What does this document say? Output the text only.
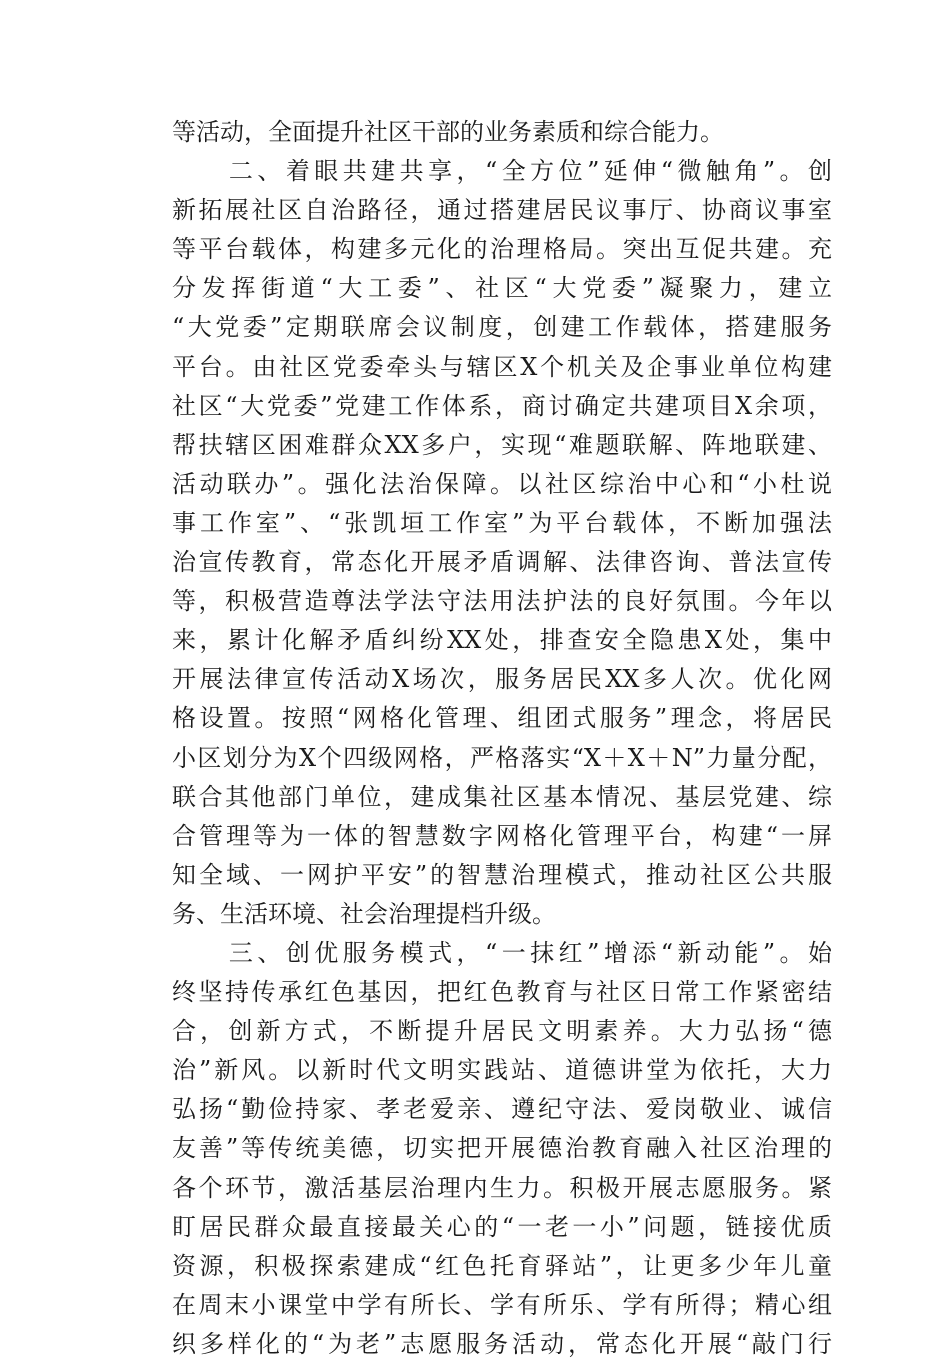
等活动，全面提升社区干部的业务素质和综合能力。
　　二、着眼共建共享，“全方位”延伸“微触角”。创
新拓展社区自治路径，通过搭建居民议事厅、协商议事室
等平台载体，构建多元化的治理格局。突出互促共建。充
分发挥街道“大工委”、社区“大党委”凝聚力，建立
“大党委”定期联席会议制度，创建工作载体，搭建服务
平台。由社区党委牵头与辖区X个机关及企事业单位构建
社区“大党委”党建工作体系，商讨确定共建项目X余项，
帮扶辖区困难群众XX多户，实现“难题联解、阵地联建、
活动联办”。强化法治保障。以社区综治中心和“小杜说
事工作室”、“张凯垣工作室”为平台载体，不断加强法
治宣传教育，常态化开展矛盾调解、法律咨询、普法宣传
等，积极营造尊法学法守法用法护法的良好氛围。今年以
来，累计化解矛盾纠纷XX处，排查安全隐患X处，集中
开展法律宣传活动X场次，服务居民XX多人次。优化网
格设置。按照“网格化管理、组团式服务”理念，将居民
小区划分为X个四级网格，严格落实“X＋X＋N”力量分配，
联合其他部门单位，建成集社区基本情况、基层党建、综
合管理等为一体的智慧数字网格化管理平台，构建“一屏
知全域、一网护平安”的智慧治理模式，推动社区公共服
务、生活环境、社会治理提档升级。
　　三、创优服务模式，“一抹红”增添“新动能”。始
终坚持传承红色基因，把红色教育与社区日常工作紧密结
合，创新方式，不断提升居民文明素养。大力弘扬“德
治”新风。以新时代文明实践站、道德讲堂为依托，大力
弘扬“勤俭持家、孝老爱亲、遵纪守法、爱岗敬业、诚信
友善”等传统美德，切实把开展德治教育融入社区治理的
各个环节，激活基层治理内生力。积极开展志愿服务。紧
盯居民群众最直接最关心的“一老一小”问题，链接优质
资源，积极探索建成“红色托育驿站”，让更多少年儿童
在周末小课堂中学有所长、学有所乐、学有所得；精心组
织多样化的“为老”志愿服务活动，常态化开展“敲门行
